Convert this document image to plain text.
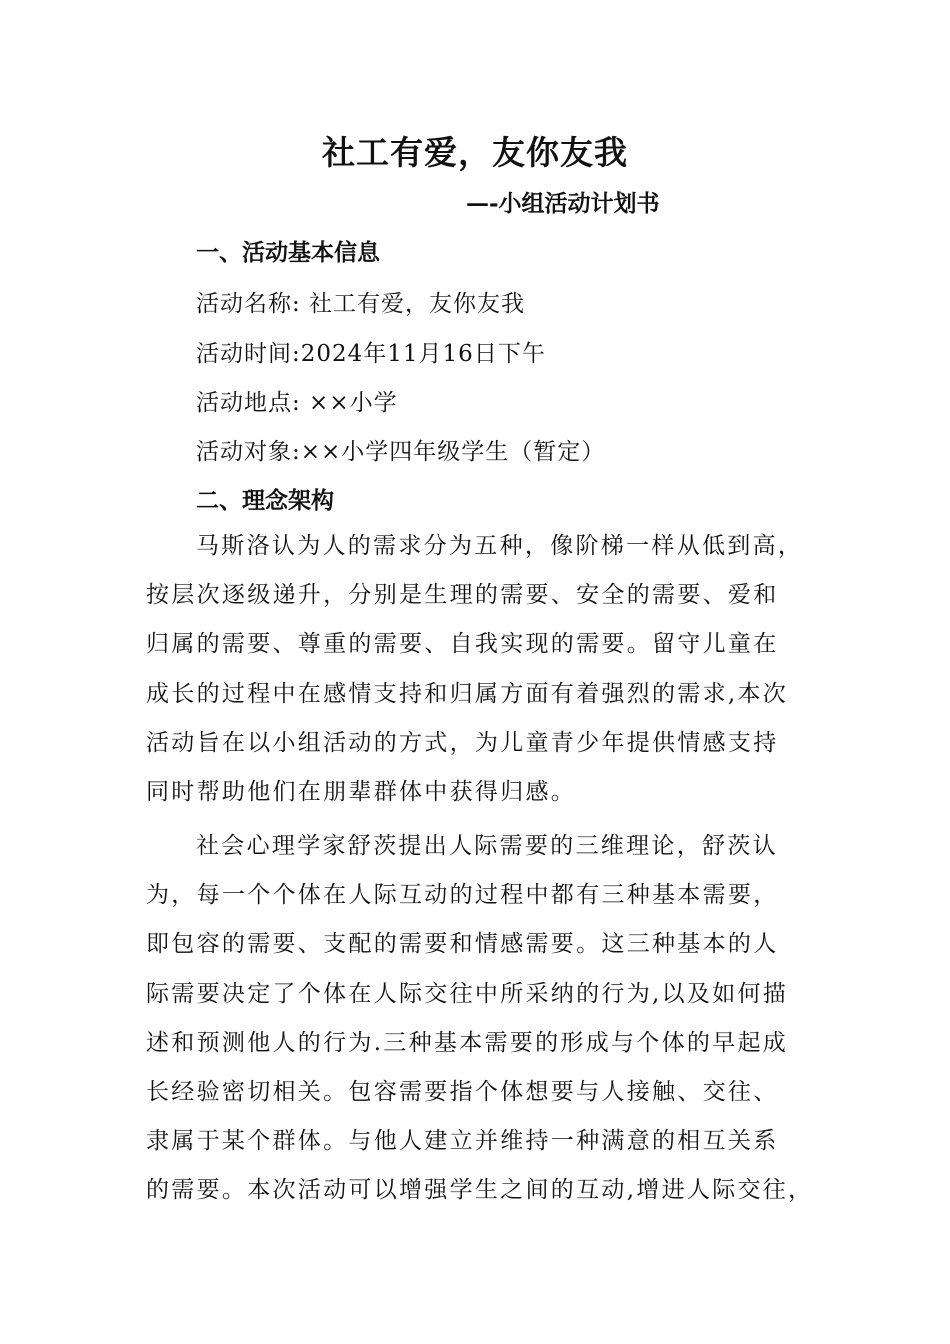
社工有爱，友你友我
—-小组活动计划书
一、活动基本信息
活动名称: 社工有爱，友你友我
活动时间:2024年11月16日下午
活动地点: ××小学
活动对象:××小学四年级学生（暂定）
二、理念架构
马斯洛认为人的需求分为五种，像阶梯一样从低到高，
按层次逐级递升，分别是生理的需要、安全的需要、爱和
归属的需要、尊重的需要、自我实现的需要。留守儿童在
成长的过程中在感情支持和归属方面有着强烈的需求,本次
活动旨在以小组活动的方式，为儿童青少年提供情感支持
同时帮助他们在朋辈群体中获得归感。
社会心理学家舒茨提出人际需要的三维理论，舒茨认
为，每一个个体在人际互动的过程中都有三种基本需要，
即包容的需要、支配的需要和情感需要。这三种基本的人
际需要决定了个体在人际交往中所采纳的行为,以及如何描
述和预测他人的行为.三种基本需要的形成与个体的早起成
长经验密切相关。包容需要指个体想要与人接触、交往、
隶属于某个群体。与他人建立并维持一种满意的相互关系
的需要。本次活动可以增强学生之间的互动,增进人际交往，
